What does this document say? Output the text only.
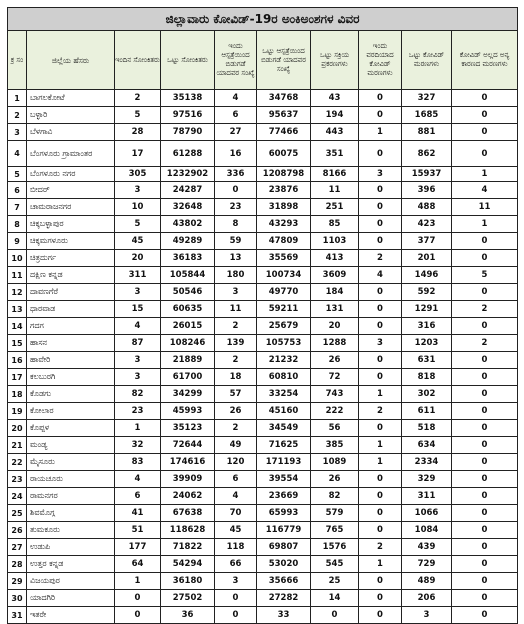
ಜಿಲ್ಲಾವಾರು ಕೋವಿಡ್-19ರ ಅಂಕಿಅಂಶಗಳ ವಿವರ									
ಕ್ರ ಸಂ	ಜಿಲ್ಲೆಯ ಹೆಸರು	ಇಂದಿನ ಸೋಂಕಿತರು	ಒಟ್ಟು ಸೋಂಕಿತರು	ಇಂದು ಆಸ್ಪತ್ರೆಯಿಂದ ಬಿಡುಗಡೆ ಯಾದವರ ಸಂಖ್ಯೆ	ಒಟ್ಟು ಆಸ್ಪತ್ರೆಯಿಂದ ಬಿಡುಗಡೆ ಯಾದವರ ಸಂಖ್ಯೆ	ಒಟ್ಟು ಸಕ್ರಿಯ ಪ್ರಕರಣಗಳು	ಇಂದು ವರದಿಯಾದ ಕೋವಿಡ್ ಮರಣಗಳು	ಒಟ್ಟು ಕೋವಿಡ್ ಮರಣಗಳು	ಕೋವಿಡ್ ಅಲ್ಲದ ಅನ್ಯ ಕಾರಣದ ಮರಣಗಳು
1	ಬಾಗಲಕೋಟೆ	2	35138	4	34768	43	0	327	0
2	ಬಳ್ಳಾರಿ	5	97516	6	95637	194	0	1685	0
3	ಬೆಳಗಾವಿ	28	78790	27	77466	443	1	881	0
4	ಬೆಂಗಳೂರು ಗ್ರಾಮಾಂತರ	17	61288	16	60075	351	0	862	0
5	ಬೆಂಗಳೂರು ನಗರ	305	1232902	336	1208798	8166	3	15937	1
6	ಬೀದರ್	3	24287	0	23876	11	0	396	4
7	ಚಾಮರಾಜನಗರ	10	32648	23	31898	251	0	488	11
8	ಚಿಕ್ಕಬಳ್ಳಾಪುರ	5	43802	8	43293	85	0	423	1
9	ಚಿಕ್ಕಮಗಳೂರು	45	49289	59	47809	1103	0	377	0
10	ಚಿತ್ರದುರ್ಗ	20	36183	13	35569	413	2	201	0
11	ದಕ್ಷಿಣ ಕನ್ನಡ	311	105844	180	100734	3609	4	1496	5
12	ದಾವಣಗೆರೆ	3	50546	3	49770	184	0	592	0
13	ಧಾರವಾಡ	15	60635	11	59211	131	0	1291	2
14	ಗದಗ	4	26015	2	25679	20	0	316	0
15	ಹಾಸನ	87	108246	139	105753	1288	3	1203	2
16	ಹಾವೇರಿ	3	21889	2	21232	26	0	631	0
17	ಕಲಬುರಗಿ	3	61700	18	60810	72	0	818	0
18	ಕೊಡಗು	82	34299	57	33254	743	1	302	0
19	ಕೋಲಾರ	23	45993	26	45160	222	2	611	0
20	ಕೊಪ್ಪಳ	1	35123	2	34549	56	0	518	0
21	ಮಂಡ್ಯ	32	72644	49	71625	385	1	634	0
22	ಮೈಸೂರು	83	174616	120	171193	1089	1	2334	0
23	ರಾಯಚೂರು	4	39909	6	39554	26	0	329	0
24	ರಾಮನಗರ	6	24062	4	23669	82	0	311	0
25	ಶಿವಮೊಗ್ಗ	41	67638	70	65993	579	0	1066	0
26	ತುಮಕೂರು	51	118628	45	116779	765	0	1084	0
27	ಉಡುಪಿ	177	71822	118	69807	1576	2	439	0
28	ಉತ್ತರ ಕನ್ನಡ	64	54294	66	53020	545	1	729	0
29	ವಿಜಯಪುರ	1	36180	3	35666	25	0	489	0
30	ಯಾದಗಿರಿ	0	27502	0	27282	14	0	206	0
31	ಇತರೇ	0	36	0	33	0	0	3	0
